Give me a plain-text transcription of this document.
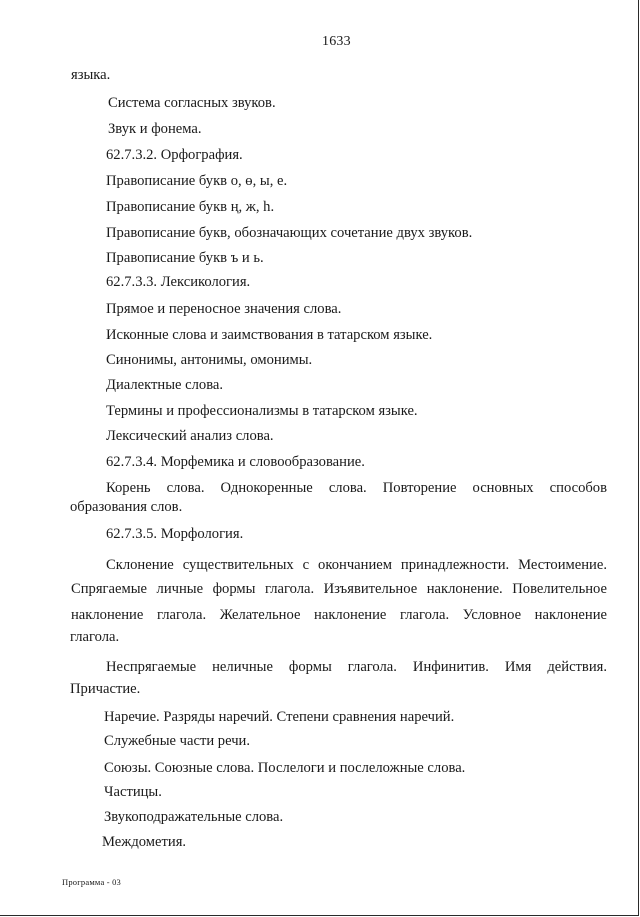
1633
языка.
Система согласных звуков.
Звук и фонема.
62.7.3.2. Орфография.
Правописание букв о, ө, ы, е.
Правописание букв ң, ж, һ.
Правописание букв, обозначающих сочетание двух звуков.
Правописание букв ъ и ь.
62.7.3.3. Лексикология.
Прямое и переносное значения слова.
Исконные слова и заимствования в татарском языке.
Синонимы, антонимы, омонимы.
Диалектные слова.
Термины и профессионализмы в татарском языке.
Лексический анализ слова.
62.7.3.4. Морфемика и словообразование.
Корень слова. Однокоренные слова. Повторение основных способов
образования слов.
62.7.3.5. Морфология.
Склонение существительных с окончанием принадлежности. Местоимение.
Спрягаемые личные формы глагола. Изъявительное наклонение. Повелительное
наклонение глагола. Желательное наклонение глагола. Условное наклонение
глагола.
Неспрягаемые неличные формы глагола. Инфинитив. Имя действия.
Причастие.
Наречие. Разряды наречий. Степени сравнения наречий.
Служебные части речи.
Союзы. Союзные слова. Послелоги и послеложные слова.
Частицы.
Звукоподражательные слова.
Междометия.
Программа - 03
